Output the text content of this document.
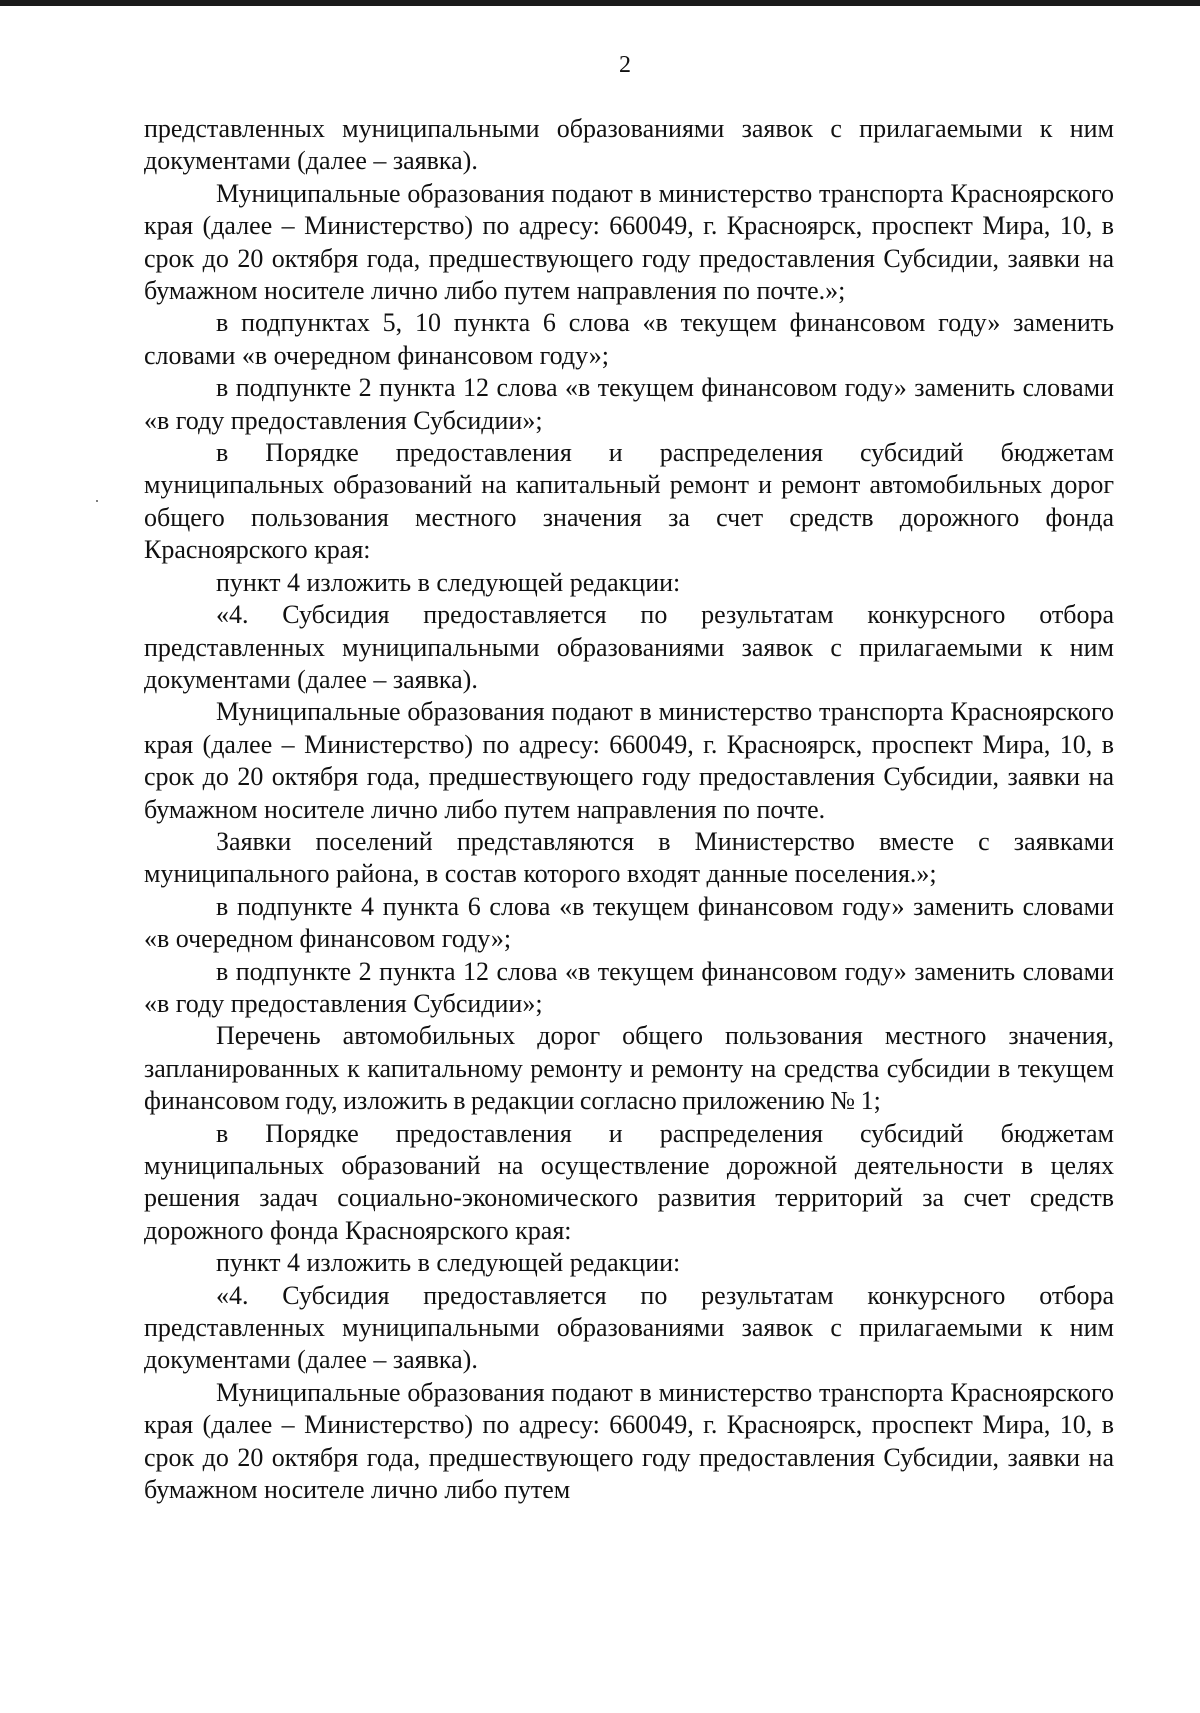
2

представленных муниципальными образованиями заявок с прилагаемыми к ним документами (далее – заявка).

Муниципальные образования подают в министерство транспорта Красноярского края (далее – Министерство) по адресу: 660049, г. Красноярск, проспект Мира, 10, в срок до 20 октября года, предшествующего году предоставления Субсидии, заявки на бумажном носителе лично либо путем направления по почте.»;

в подпунктах 5, 10 пункта 6 слова «в текущем финансовом году» заменить словами «в очередном финансовом году»;

в подпункте 2 пункта 12 слова «в текущем финансовом году» заменить словами «в году предоставления Субсидии»;

в Порядке предоставления и распределения субсидий бюджетам муниципальных образований на капитальный ремонт и ремонт автомобильных дорог общего пользования местного значения за счет средств дорожного фонда Красноярского края:

пункт 4 изложить в следующей редакции:

«4. Субсидия предоставляется по результатам конкурсного отбора представленных муниципальными образованиями заявок с прилагаемыми к ним документами (далее – заявка).

Муниципальные образования подают в министерство транспорта Красноярского края (далее – Министерство) по адресу: 660049, г. Красноярск, проспект Мира, 10, в срок до 20 октября года, предшествующего году предоставления Субсидии, заявки на бумажном носителе лично либо путем направления по почте.

Заявки поселений представляются в Министерство вместе с заявками муниципального района, в состав которого входят данные поселения.»;

в подпункте 4 пункта 6 слова «в текущем финансовом году» заменить словами «в очередном финансовом году»;

в подпункте 2 пункта 12 слова «в текущем финансовом году» заменить словами «в году предоставления Субсидии»;

Перечень автомобильных дорог общего пользования местного значения, запланированных к капитальному ремонту и ремонту на средства субсидии в текущем финансовом году, изложить в редакции согласно приложению № 1;

в Порядке предоставления и распределения субсидий бюджетам муниципальных образований на осуществление дорожной деятельности в целях решения задач социально-экономического развития территорий за счет средств дорожного фонда Красноярского края:

пункт 4 изложить в следующей редакции:

«4. Субсидия предоставляется по результатам конкурсного отбора представленных муниципальными образованиями заявок с прилагаемыми к ним документами (далее – заявка).

Муниципальные образования подают в министерство транспорта Красноярского края (далее – Министерство) по адресу: 660049, г. Красноярск, проспект Мира, 10, в срок до 20 октября года, предшествующего году предоставления Субсидии, заявки на бумажном носителе лично либо путем
